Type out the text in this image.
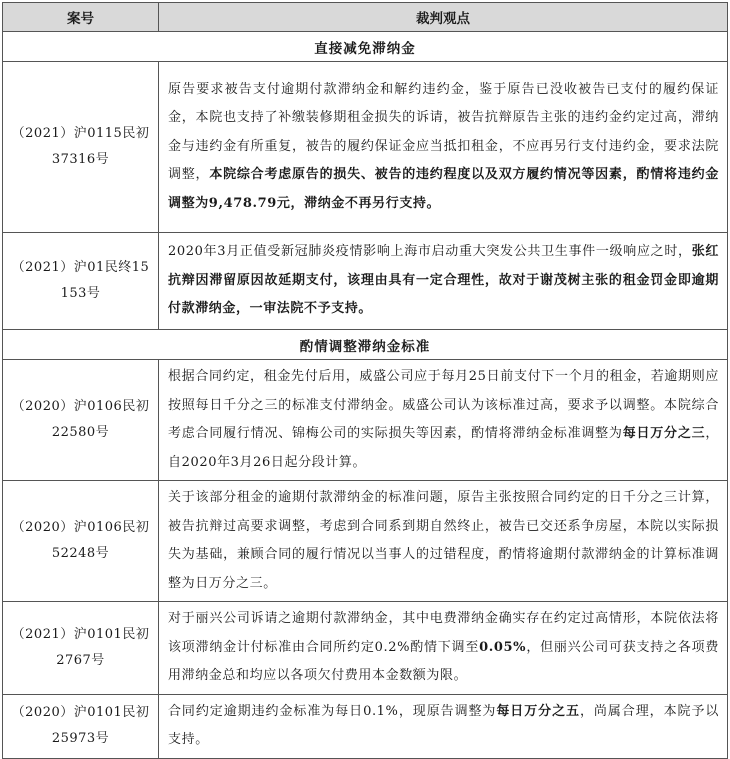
案号	裁判观点
直接减免滞纳金	
（2021）沪0115民初37316号	原告要求被告支付逾期付款滞纳金和解约违约金，鉴于原告已没收被告已支付的履约保证金，本院也支持了补缴装修期租金损失的诉请，被告抗辩原告主张的违约金约定过高，滞纳金与违约金有所重复，被告的履约保证金应当抵扣租金，不应再另行支付违约金，要求法院调整，本院综合考虑原告的损失、被告的违约程度以及双方履约情况等因素，酌情将违约金调整为9,478.79元，滞纳金不再另行支持。
（2021）沪01民终15153号	2020年3月正值受新冠肺炎疫情影响上海市启动重大突发公共卫生事件一级响应之时，张红抗辩因滞留原因故延期支付，该理由具有一定合理性，故对于谢茂树主张的租金罚金即逾期付款滞纳金，一审法院不予支持。
酌情调整滞纳金标准	
（2020）沪0106民初22580号	根据合同约定，租金先付后用，威盛公司应于每月25日前支付下一个月的租金，若逾期则应按照每日千分之三的标准支付滞纳金。威盛公司认为该标准过高，要求予以调整。本院综合考虑合同履行情况、锦梅公司的实际损失等因素，酌情将滞纳金标准调整为每日万分之三，自2020年3月26日起分段计算。
（2020）沪0106民初52248号	关于该部分租金的逾期付款滞纳金的标准问题，原告主张按照合同约定的日千分之三计算，被告抗辩过高要求调整，考虑到合同系到期自然终止，被告已交还系争房屋，本院以实际损失为基础，兼顾合同的履行情况以当事人的过错程度，酌情将逾期付款滞纳金的计算标准调整为日万分之三。
（2021）沪0101民初2767号	对于丽兴公司诉请之逾期付款滞纳金，其中电费滞纳金确实存在约定过高情形，本院依法将该项滞纳金计付标准由合同所约定0.2%酌情下调至0.05%，但丽兴公司可获支持之各项费用滞纳金总和均应以各项欠付费用本金数额为限。
（2020）沪0101民初25973号	合同约定逾期违约金标准为每日0.1%，现原告调整为每日万分之五，尚属合理，本院予以支持。
